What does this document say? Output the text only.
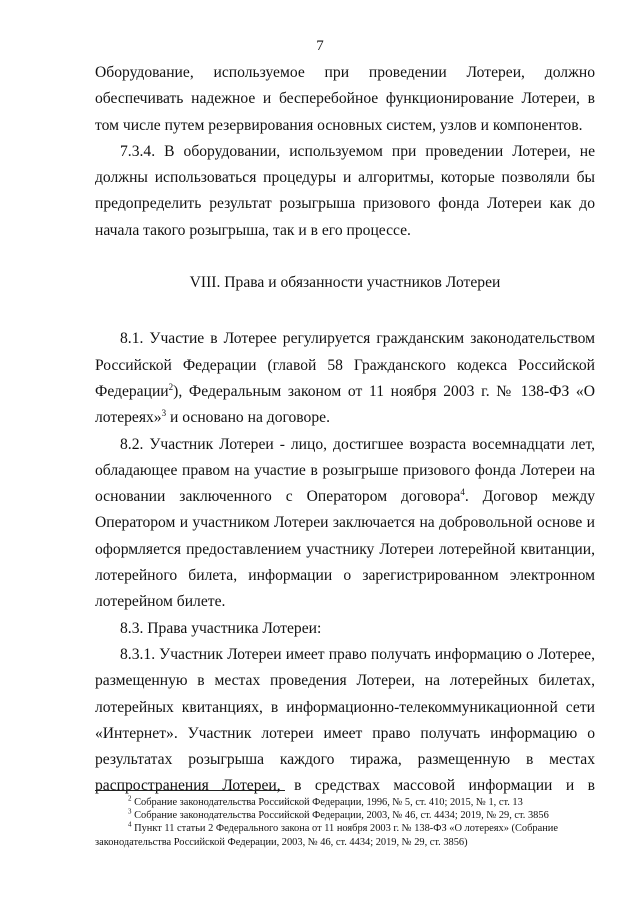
7

Оборудование, используемое при проведении Лотереи, должно обеспечивать надежное и бесперебойное функционирование Лотереи, в том числе путем резервирования основных систем, узлов и компонентов.

7.3.4. В оборудовании, используемом при проведении Лотереи, не должны использоваться процедуры и алгоритмы, которые позволяли бы предопределить результат розыгрыша призового фонда Лотереи как до начала такого розыгрыша, так и в его процессе.

VIII. Права и обязанности участников Лотереи

8.1. Участие в Лотерее регулируется гражданским законодательством Российской Федерации (главой 58 Гражданского кодекса Российской Федерации$^2$), Федеральным законом от 11 ноября 2003 г. № 138-ФЗ «О лотереях»$^3$ и основано на договоре.

8.2. Участник Лотереи - лицо, достигшее возраста восемнадцати лет, обладающее правом на участие в розыгрыше призового фонда Лотереи на основании заключенного с Оператором договора$^4$. Договор между Оператором и участником Лотереи заключается на добровольной основе и оформляется предоставлением участнику Лотереи лотерейной квитанции, лотерейного билета, информации о зарегистрированном электронном лотерейном билете.

8.3. Права участника Лотереи:

8.3.1. Участник Лотереи имеет право получать информацию о Лотерее, размещенную в местах проведения Лотереи, на лотерейных билетах, лотерейных квитанциях, в информационно-телекоммуникационной сети «Интернет». Участник лотереи имеет право получать информацию о результатах розыгрыша каждого тиража, размещенную в местах распространения Лотереи, в средствах массовой информации и в

$^2$ Собрание законодательства Российской Федерации, 1996, № 5, ст. 410; 2015, № 1, ст. 13

$^3$ Собрание законодательства Российской Федерации, 2003, № 46, ст. 4434; 2019, № 29, ст. 3856

$^4$ Пункт 11 статьи 2 Федерального закона от 11 ноября 2003 г. № 138-ФЗ «О лотереях» (Собрание законодательства Российской Федерации, 2003, № 46, ст. 4434; 2019, № 29, ст. 3856)
